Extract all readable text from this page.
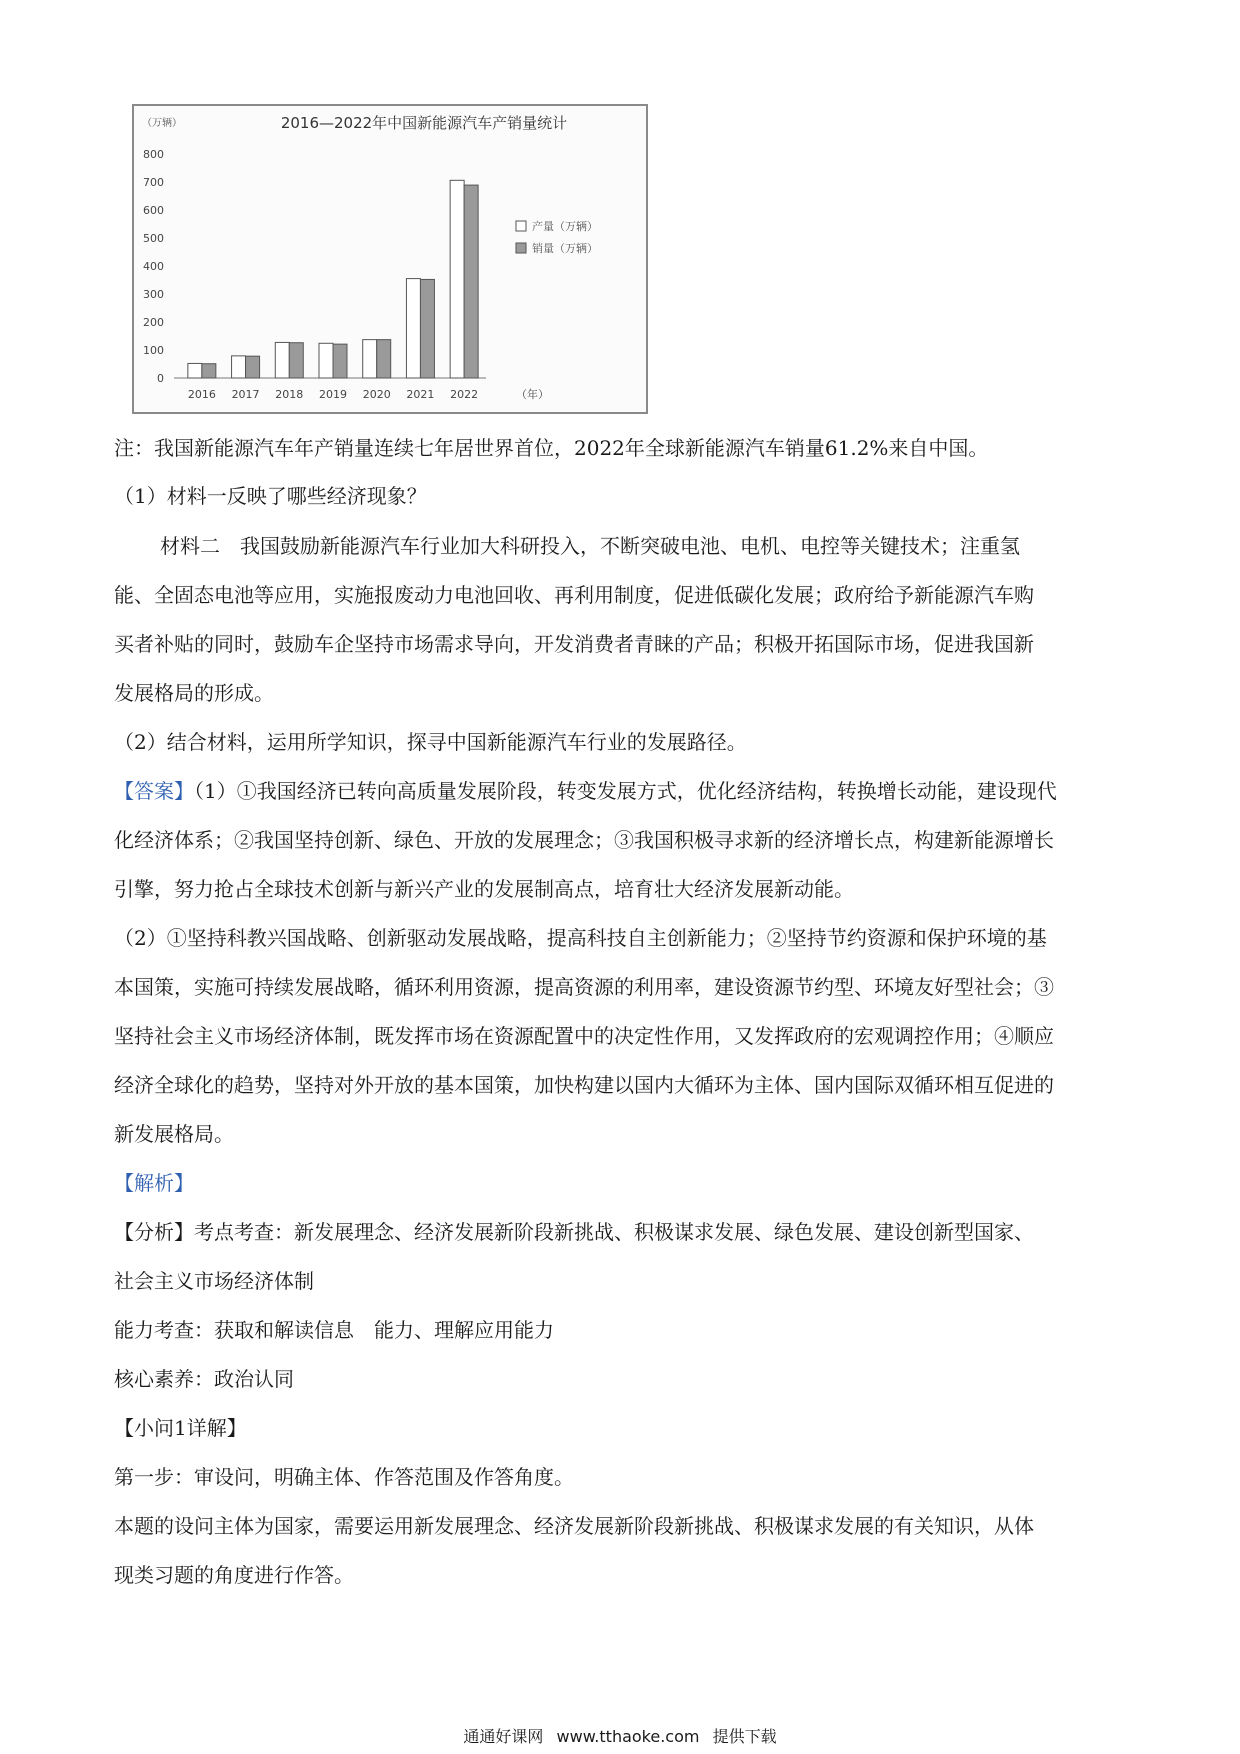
2016—2022年中国新能源汽车产销量统计
（万辆）
0
100
200
300
400
500
600
700
800
2016 2017 2018 2019 2020 2021 2022	（年）
产量（万辆）
销量（万辆）
注：我国新能源汽车年产销量连续七年居世界首位，2022年全球新能源汽车销量61.2%来自中国。
（1）材料一反映了哪些经济现象？
材料二　我国鼓励新能源汽车行业加大科研投入，不断突破电池、电机、电控等关键技术；注重氢
能、全固态电池等应用，实施报废动力电池回收、再利用制度，促进低碳化发展；政府给予新能源汽车购
买者补贴的同时，鼓励车企坚持市场需求导向，开发消费者青睐的产品；积极开拓国际市场，促进我国新
发展格局的形成。
（2）结合材料，运用所学知识，探寻中国新能源汽车行业的发展路径。
【答案】（1）①我国经济已转向高质量发展阶段，转变发展方式，优化经济结构，转换增长动能，建设现代
化经济体系；②我国坚持创新、绿色、开放的发展理念；③我国积极寻求新的经济增长点，构建新能源增长
引擎，努力抢占全球技术创新与新兴产业的发展制高点，培育壮大经济发展新动能。
（2）①坚持科教兴国战略、创新驱动发展战略，提高科技自主创新能力；②坚持节约资源和保护环境的基
本国策，实施可持续发展战略，循环利用资源，提高资源的利用率，建设资源节约型、环境友好型社会；③
坚持社会主义市场经济体制，既发挥市场在资源配置中的决定性作用，又发挥政府的宏观调控作用；④顺应
经济全球化的趋势，坚持对外开放的基本国策，加快构建以国内大循环为主体、国内国际双循环相互促进的
新发展格局。
【解析】
【分析】考点考查：新发展理念、经济发展新阶段新挑战、积极谋求发展、绿色发展、建设创新型国家、
社会主义市场经济体制
能力考查：获取和解读信息　能力、理解应用能力
核心素养：政治认同
【小问1详解】
第一步：审设问，明确主体、作答范围及作答角度。
本题的设问主体为国家，需要运用新发展理念、经济发展新阶段新挑战、积极谋求发展的有关知识，从体
现类习题的角度进行作答。
通通好课网 www.tthaoke.com 提供下载
